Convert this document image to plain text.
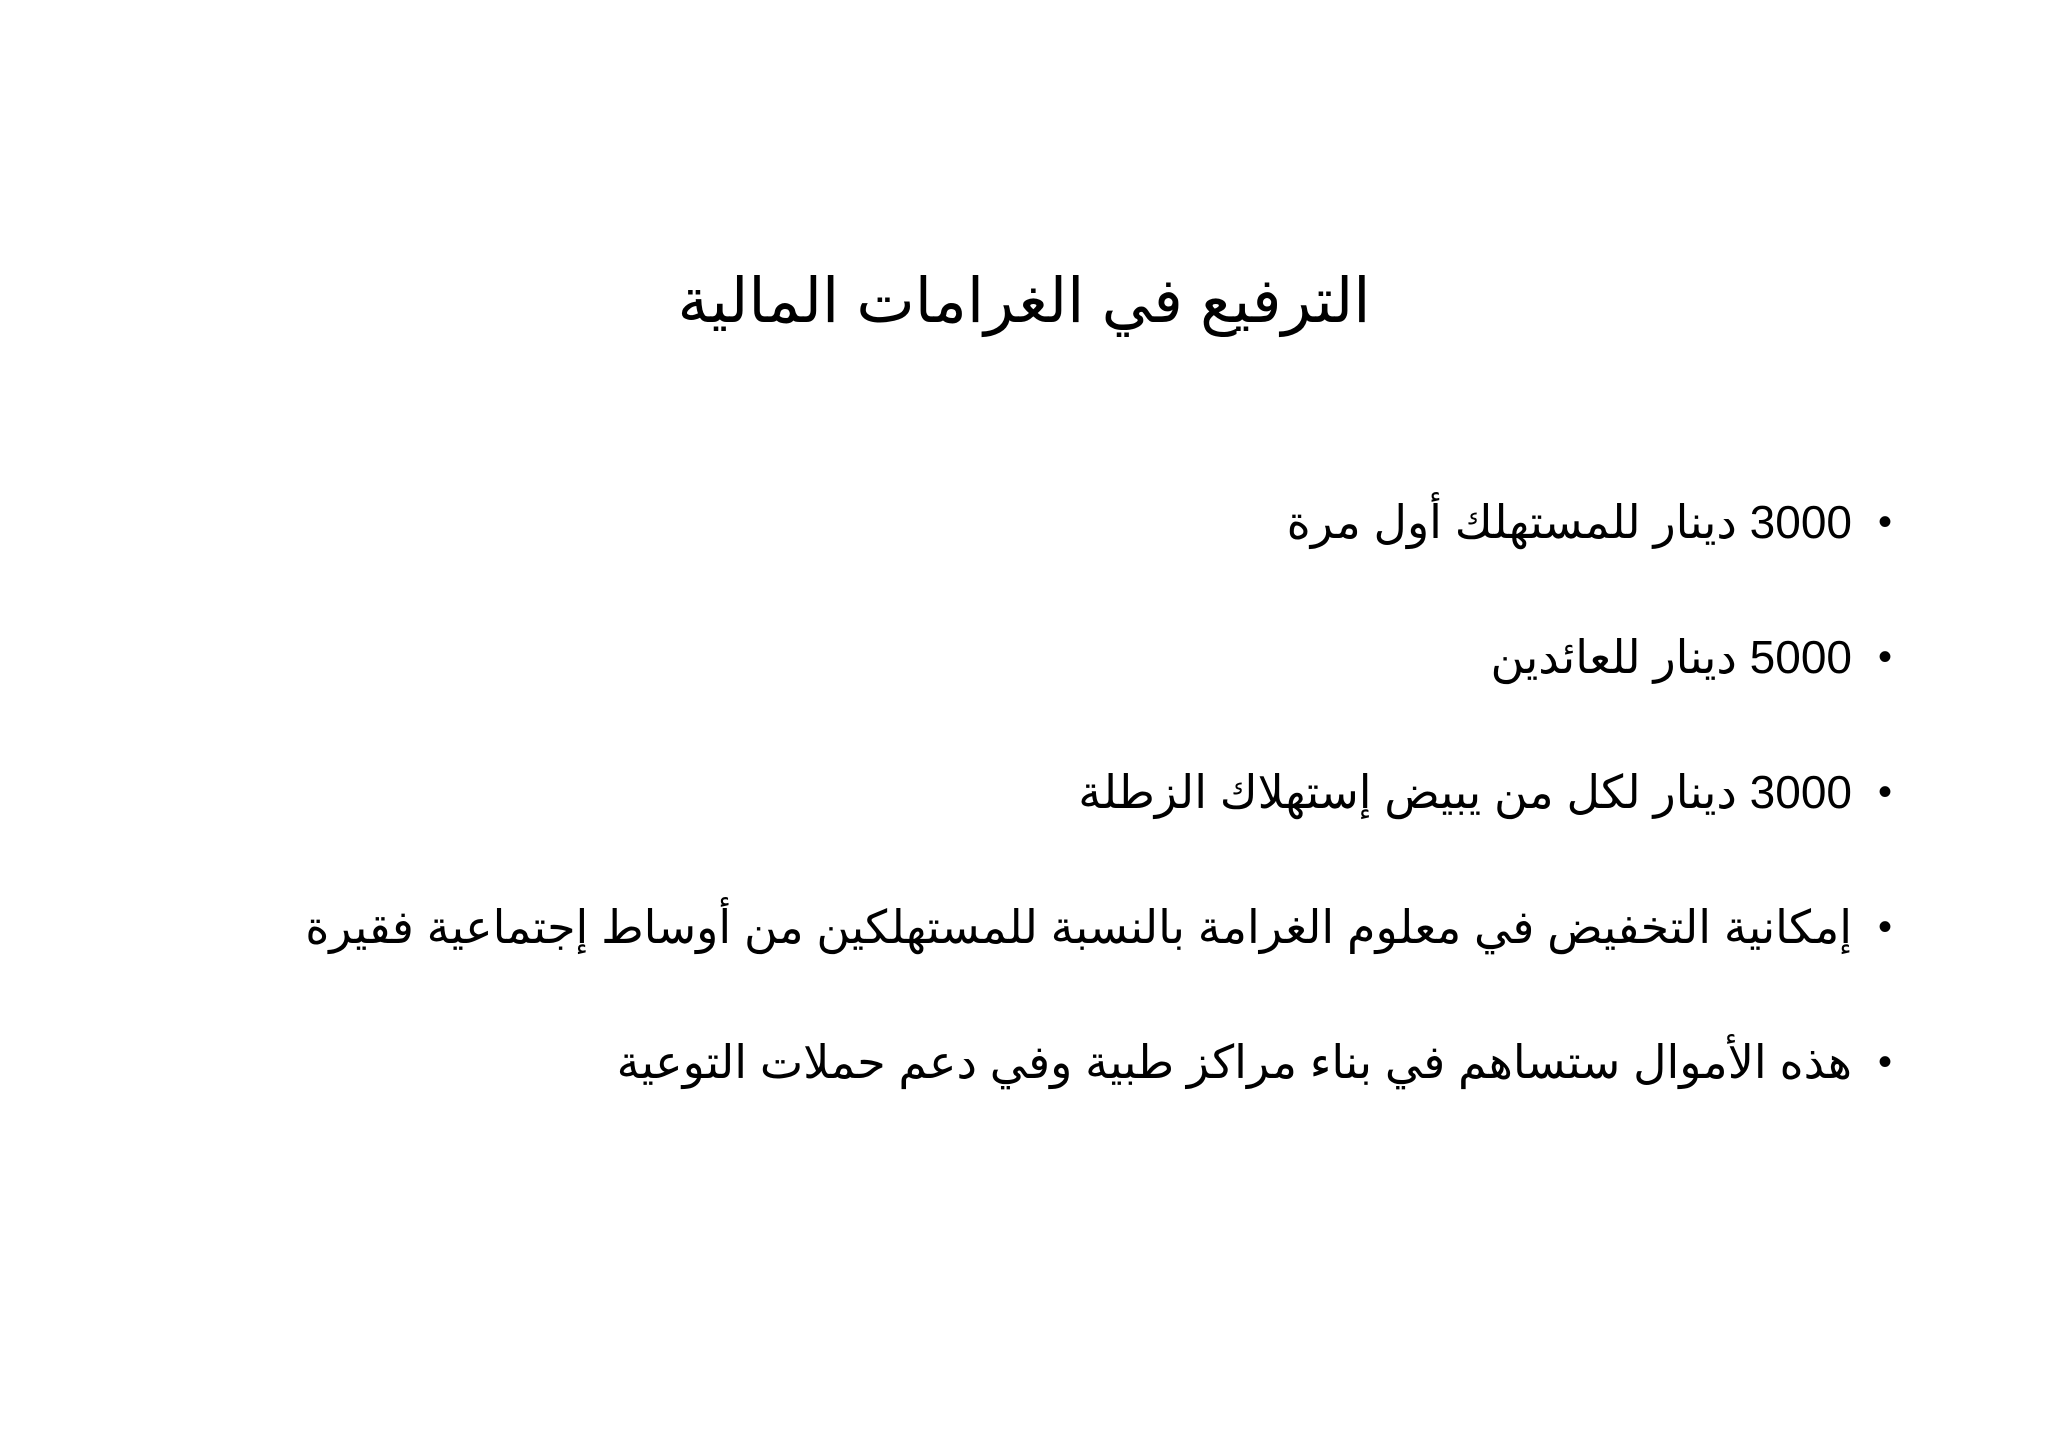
الترفيع في الغرامات المالية
•
3000 دينار للمستهلك أول مرة
•
5000 دينار للعائدين
•
3000 دينار لكل من يبيض إستهلاك الزطلة
•
إمكانية التخفيض في معلوم الغرامة بالنسبة للمستهلكين من أوساط إجتماعية فقيرة
•
هذه الأموال ستساهم في بناء مراكز طبية وفي دعم حملات التوعية
